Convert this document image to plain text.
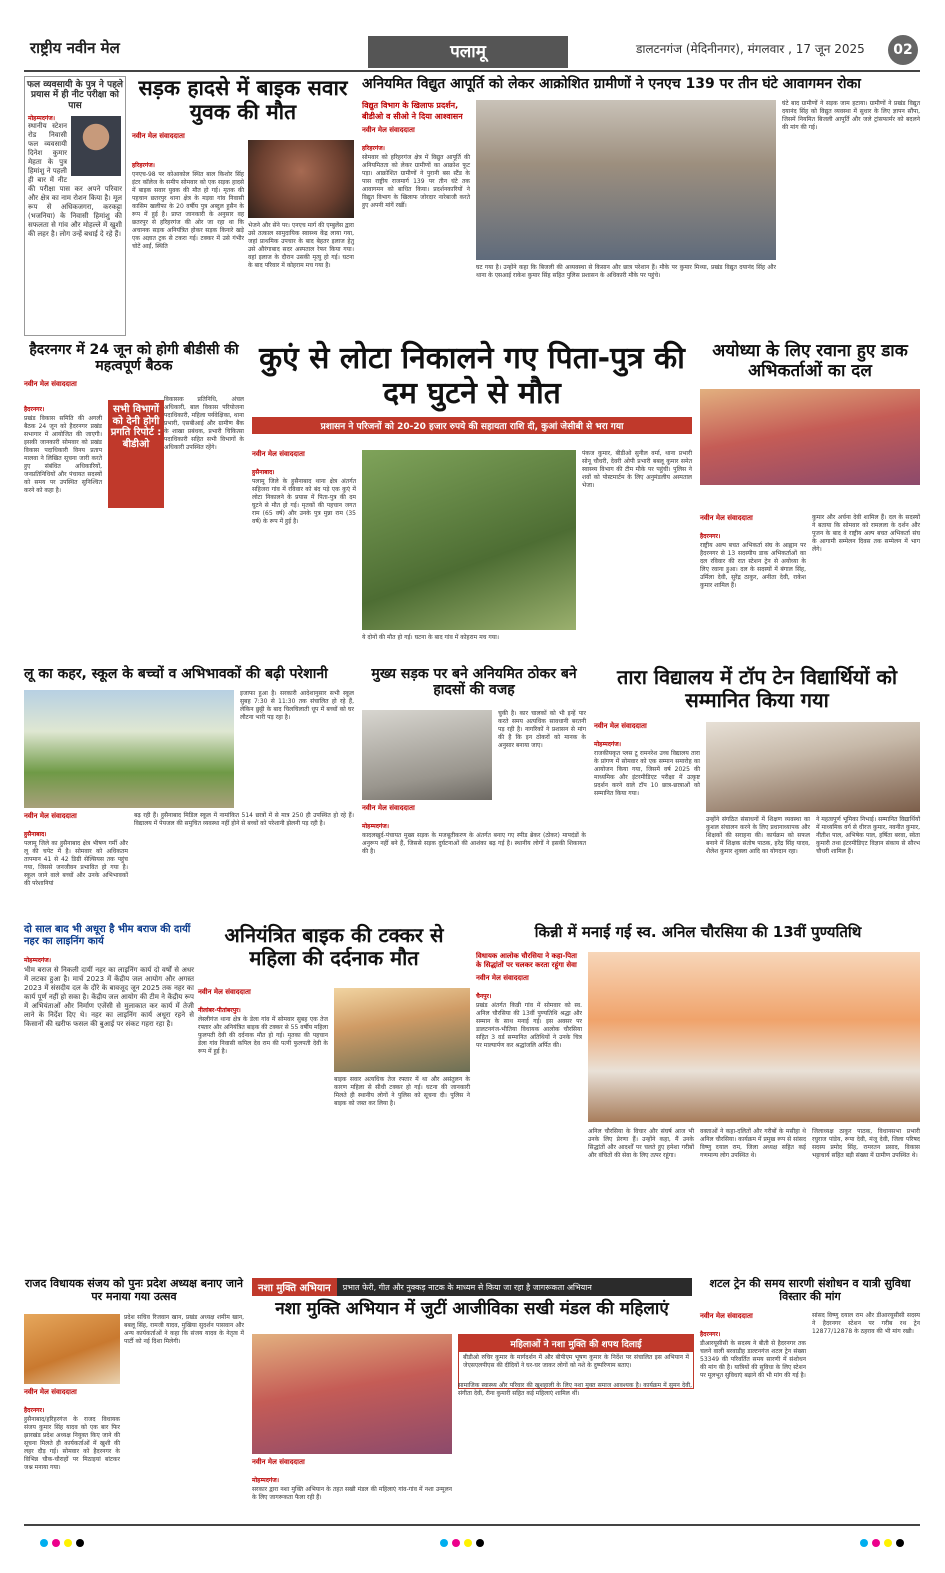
राष्ट्रीय नवीन मेल	पलामू	डालटनगंज (मेदिनीनगर), मंगलवार , 17 जून 2025	02
फल व्यवसायी के पुत्र ने पहले प्रयास में ही नीट परीक्षा को पास
मोहम्मदगंज।
स्थानीय स्टेशन रोड निवासी फल व्यवसायी दिनेश कुमार मेहता के पुत्र हिमांशु ने पहली ही बार में नीट की परीक्षा पास कर अपने परिवार और क्षेत्र का नाम रोशन किया है। मूल रूप से अधिकजगरा, करकट्टा (भजनिया) के निवासी हिमांशु की सफलता से गांव और मोहल्ले में खुशी की लहर है। लोग उन्हें बधाई दे रहे हैं।
सड़क हादसे में बाइक सवार युवक की मौत
नवीन मेल संवाददाता
हरिहरगंज।
एनएच-98 पर कोआकोल स्थित बाल किशोर सिंह इंटर कॉलेज के समीप सोमवार को एक सड़क हादसे में बाइक सवार युवक की मौत हो गई। मृतक की पहचान छतरपुर थाना क्षेत्र के मड़वा गांव निवासी कासिम खलीफा के 20 वर्षीय पुत्र अब्दुल हुसैन के रूप में हुई है। प्राप्त जानकारी के अनुसार वह छतरपुर से हरिहरगंज की ओर जा रहा था कि अचानक सड़क अनियंत्रित होकर सड़क किनारे खड़े एक अज्ञात ट्रक से टकरा गई। टक्कर में उसे गंभीर चोटें आईं, स्थिति
भेजने और सेंने पर। एनएच मार्ग की एम्बुलेंस द्वारा उसे तत्काल सामुदायिक स्वास्थ्य केंद्र लाया गया, जहां प्राथमिक उपचार के बाद बेहतर इलाज हेतु उसे औरंगाबाद सदर अस्पताल रेफर किया गया। वहां इलाज के दौरान उसकी मृत्यु हो गई। घटना के बाद परिवार में कोहराम मच गया है।
अनियमित विद्युत आपूर्ति को लेकर आक्रोशित ग्रामीणों ने एनएच 139 पर तीन घंटे आवागमन रोका
विद्युत विभाग के खिलाफ प्रदर्शन, बीडीओ व सीओ ने दिया आश्वासन
नवीन मेल संवाददाता
हरिहरगंज।
सोमवार को हरिहरगंज क्षेत्र में विद्युत आपूर्ति की अनियमितता को लेकर ग्रामीणों का आक्रोश फूट पड़ा। आक्रोशित ग्रामीणों ने पुरानी बस स्टैंड के पास राष्ट्रीय राजमार्ग 139 पर तीन घंटे तक आवागमन को बाधित किया। प्रदर्शनकारियों ने विद्युत विभाग के खिलाफ जोरदार नारेबाजी करते हुए अपनी मांगें रखीं।
घट गया है। उन्होंने कहा कि बिजली की अव्यवस्था से किसान और छात्र परेशान हैं। मौके पर कुमार मिथ्या, प्रखंड विद्युत दयानंद सिंह और थाना के एसआई राकेश कुमार सिंह सहित पुलिस प्रशासन के अधिकारी मौके पर पहुंचे।
घंटे बाद ग्रामीणों ने सड़क जाम हटाया। ग्रामीणों ने प्रखंड विद्युत दयानंद सिंह को विद्युत व्यवस्था में सुधार के लिए ज्ञापन सौंपा, जिसमें नियमित बिजली आपूर्ति और जले ट्रांसफार्मर को बदलने की मांग की गई।
हैदरनगर में 24 जून को होगी बीडीसी की महत्वपूर्ण बैठक
नवीन मेल संवाददाता
हैदरनगर।
प्रखंड विकास समिति की अगली बैठक 24 जून को हैदरनगर प्रखंड सभागार में आयोजित की जाएगी। इसकी जानकारी सोमवार को प्रखंड विकास पदाधिकारी विनय प्रताप मालवा ने लिखित सूचना जारी करते हुए संबंधित अधिकारियों, जनप्रतिनिधियों और पंचायत सदस्यों को समय पर उपस्थित सुनिश्चित करने को कहा है।
सभी विभागों को देनी होगी प्रगति रिपोर्ट : बीडीओ
विकासक प्रतिनिधि, अंचल अधिकारी, बाल विकास परियोजना पदाधिकारी, महिला पर्यवेक्षिका, थाना प्रभारी, एसबीआई और ग्रामीण बैंक के शाखा प्रबंधक, प्रभारी चिकित्सा पदाधिकारी सहित सभी विभागों के अधिकारी उपस्थित रहेंगे।
कुएं से लोटा निकालने गए पिता-पुत्र की दम घुटने से मौत
प्रशासन ने परिजनों को 20-20 हजार रुपये की सहायता राशि दी, कुआं जेसीबी से भरा गया
नवीन मेल संवाददाता
हुसैनाबाद।
पलामू जिले के हुसैनाबाद थाना क्षेत्र अंतर्गत सहिजरा गांव में रविवार को बंद पड़े एक कुएं में लोटा निकालने के प्रयास में पिता-पुत्र की दम घुटने से मौत हो गई। मृतकों की पहचान जगत राम (65 वर्ष) और उनके पुत्र मुन्ना राम (35 वर्ष) के रूप में हुई है।
ये दोनों की मौत हो गई। घटना के बाद गांव में कोहराम मच गया।
पंकज कुमार, बीडीओ सुनील वर्मा, थाना प्रभारी सोनू चौधरी, देवरी ओपी प्रभारी बबलू कुमार समेत स्वास्थ्य विभाग की टीम मौके पर पहुंची। पुलिस ने शवों को पोस्टमार्टम के लिए अनुमंडलीय अस्पताल भेजा।
अयोध्या के लिए रवाना हुए डाक अभिकर्ताओं का दल
नवीन मेल संवाददाता
हैदरनगर।
राष्ट्रीय अल्प बचत अभिकर्ता संघ के आह्वान पर हैदरनगर से 13 सदस्यीय डाक अभिकर्ताओं का दल रविवार की रात स्टेशन ट्रेन से अयोध्या के लिए रवाना हुआ। दल के सदस्यों में बंगाल सिंह, उर्मिला देवी, सुरेंद्र ठाकुर, अनीता देवी, राकेश कुमार शामिल हैं।
कुमार और अर्चना देवी शामिल हैं। दल के सदस्यों ने बताया कि सोमवार को रामलला के दर्शन और पूजन के बाद वे राष्ट्रीय अल्प बचत अभिकर्ता संघ के आगामी सम्मेलन दिवस तक सम्मेलन में भाग लेंगे।
लू का कहर, स्कूल के बच्चों व अभिभावकों की बढ़ी परेशानी
इजाफा हुआ है। सरकारी आदेशानुसार सभी स्कूल सुबह 7:30 से 11:30 तक संचालित हो रहे हैं, लेकिन छुट्टी के बाद चिलचिलाती धूप में बच्चों को घर लौटना भारी पड़ रहा है।
नवीन मेल संवाददाता
हुसैनाबाद।
पलामू जिले का हुसैनाबाद क्षेत्र भीषण गर्मी और लू की चपेट में है। सोमवार को अधिकतम तापमान 41 से 42 डिग्री सेल्सियस तक पहुंच गया, जिससे जनजीवन प्रभावित हो गया है। स्कूल जाने वाले बच्चों और उनके अभिभावकों की परेशानियां
बढ़ रही हैं। हुसैनाबाद मिडिल स्कूल में नामांकित 514 छात्रों में से मात्र 250 ही उपस्थित हो रहे हैं। विद्यालय में पेयजल की समुचित व्यवस्था नहीं होने से बच्चों को परेशानी झेलनी पड़ रही है।
मुख्य सड़क पर बने अनियमित ठोकर बने हादसों की वजह
चुकी है। कार चालकों को भी इन्हें पार करते समय अत्यधिक सावधानी बरतनी पड़ रही है। नागरिकों ने प्रशासन से मांग की है कि इन ठोकरों को मानक के अनुसार बनाया जाए।
नवीन मेल संवाददाता
मोहम्मदगंज।
कादलखुर्द-पंचायत मुख्य सड़क के मजबूतीकरण के अंतर्गत बनाए गए स्पीड ब्रेकर (ठोकर) मापदंडों के अनुरूप नहीं बने हैं, जिससे सड़क दुर्घटनाओं की आशंका बढ़ गई है। स्थानीय लोगों ने इसकी शिकायत की है।
तारा विद्यालय में टॉप टेन विद्यार्थियों को सम्मानित किया गया
नवीन मेल संवाददाता
मोहम्मदगंज।
राजकीयकृत प्लस टू रामनरेश उच्च विद्यालय तारा के प्रांगण में सोमवार को एक सम्मान समारोह का आयोजन किया गया, जिसमें वर्ष 2025 की माध्यमिक और इंटरमीडिएट परीक्षा में उत्कृष्ट प्रदर्शन करने वाले टॉप 10 छात्र-छात्राओं को सम्मानित किया गया।
उन्होंने संगठित संसाधनों में शिक्षण व्यवस्था का कुशल संचालन करने के लिए प्रधानाध्यापक और शिक्षकों की सराहना की। कार्यक्रम को सफल बनाने में शिक्षक संतोष पाठक, हरेंद्र सिंह यादव, शैलेश कुमार शुक्ला आदि का योगदान रहा।
ने महत्वपूर्ण भूमिका निभाई। सम्मानित विद्यार्थियों में माध्यमिक वर्ग से धीरज कुमार, नवनीत कुमार, नीतीश पाल, अभिषेक पाल, हर्षिता बरवा, स्वेता कुमारी तथा इंटरमीडिएट विज्ञान संकाय से सौरभ चौधरी शामिल हैं।
दो साल बाद भी अधूरा है भीम बराज की दायीं नहर का लाइनिंग कार्य
मोहम्मदगंज।
भीम बराज से निकली दायीं नहर का लाइनिंग कार्य दो वर्षों से अधर में लटका हुआ है। मार्च 2023 में केंद्रीय जल आयोग और अगस्त 2023 में संसदीय दल के दौरे के बावजूद जून 2025 तक नहर का कार्य पूर्ण नहीं हो सका है। केंद्रीय जल आयोग की टीम ने केंद्रीय रूप में अभियंताओं और निर्माण एजेंसी से मुलाकात कर कार्य में तेजी लाने के निर्देश दिए थे। नहर का लाइनिंग कार्य अधूरा रहने से किसानों की खरीफ फसल की बुआई पर संकट गहरा रहा है।
अनियंत्रित बाइक की टक्कर से महिला की दर्दनाक मौत
नवीन मेल संवाददाता
नीलांबर-पीतांबरपुर।
लेस्लीगंज थाना क्षेत्र के डेला गांव में सोमवार सुबह एक तेज रफ्तार और अनियंत्रित बाइक की टक्कर से 55 वर्षीय महिला फुलपती देवी की दर्दनाक मौत हो गई। मृतका की पहचान डेला गांव निवासी कपिल देव राम की पत्नी फुलपती देवी के रूप में हुई है।
बाइक सवार अत्यधिक तेज रफ्तार में था और असंतुलन के कारण महिला से सीधी टक्कर हो गई। घटना की जानकारी मिलते ही स्थानीय लोगों ने पुलिस को सूचना दी। पुलिस ने बाइक को जब्त कर लिया है।
किन्नी में मनाई गई स्व. अनिल चौरसिया की 13वीं पुण्यतिथि
विधायक आलोक चौरसिया ने कहा-पिता के सिद्धांतों पर चलकर करता रहूंगा सेवा
नवीन मेल संवाददाता
चैनपुर।
प्रखंड अंतर्गत किन्नी गांव में सोमवार को स्व. अनिल चौरसिया की 13वीं पुण्यतिथि श्रद्धा और सम्मान के साथ मनाई गई। इस अवसर पर डालटनगंज-भीतिया विधायक आलोक चौरसिया सहित 3 वर्ड सम्मानित अतिथियों ने उनके चित्र पर माल्यार्पण कर श्रद्धांजलि अर्पित की।
अनिल चौरसिया के विचार और संघर्ष आज भी उनके लिए प्रेरणा हैं। उन्होंने कहा, मैं उनके सिद्धांतों और आदर्शों पर चलते हुए हमेशा गरीबों और वंचितों की सेवा के लिए तत्पर रहूंगा।
वक्ताओं ने कहा-दलितों और गरीबों के मसीहा थे अनिल चौरसिया। कार्यक्रम में प्रमुख रूप से सांसद विष्णु दयाल राम, जिला अध्यक्ष सहित कई गणमान्य लोग उपस्थित थे।
जिलाध्यक्ष ठाकुर पाठक, विधानसभा प्रभारी रघुराज पांडेय, रूपा देवी, मंजू देवी, जिला परिषद सदस्य प्रमोद सिंह, रामरतन प्रसाद, विकास भट्टाचार्य सहित बड़ी संख्या में ग्रामीण उपस्थित थे।
राजद विधायक संजय को पुनः प्रदेश अध्यक्ष बनाए जाने पर मनाया गया उत्सव
प्रदेश सचिव रिजवान खान, प्रखंड अध्यक्ष शमीम खान, बबलू सिंह, रामजी यादव, मुखिया सुदर्शन पासवान और अन्य कार्यकर्ताओं ने कहा कि संजय यादव के नेतृत्व में पार्टी को नई दिशा मिलेगी।
नवीन मेल संवाददाता
हैदरनगर।
हुसैनाबाद/हरिहरगंज के राजद विधायक संजय कुमार सिंह यादव को एक बार फिर झारखंड प्रदेश अध्यक्ष नियुक्त किए जाने की सूचना मिलते ही कार्यकर्ताओं में खुशी की लहर दौड़ गई। सोमवार को हैदरनगर के विभिन्न चौक-चौराहों पर मिठाइयां बांटकर जश्न मनाया गया।
नशा मुक्ति अभियान	प्रभात फेरी, गीत और नुक्कड़ नाटक के माध्यम से किया जा रहा है जागरूकता अभियान
नशा मुक्ति अभियान में जुटीं आजीविका सखी मंडल की महिलाएं
महिलाओं ने नशा मुक्ति की शपथ दिलाई
बीडीओ रुचिर कुमार के मार्गदर्शन में और बीपीएम भूषण कुमार के निर्देश पर संचालित इस अभियान में जेएसएलपीएस की दीदियों ने घर-घर जाकर लोगों को नशे के दुष्परिणाम बताए।
सामाजिक स्वास्थ्य और परिवार की खुशहाली के लिए नशा मुक्त समाज आवश्यक है। कार्यक्रम में सुमन देवी, संगीता देवी, रीना कुमारी सहित कई महिलाएं शामिल थीं।
नवीन मेल संवाददाता
मोहम्मदगंज।
सरकार द्वारा नशा मुक्ति अभियान के तहत सखी मंडल की महिलाएं गांव-गांव में नशा उन्मूलन के लिए जागरूकता फैला रही हैं।
शटल ट्रेन की समय सारणी संशोधन व यात्री सुविधा विस्तार की मांग
नवीन मेल संवाददाता
हैदरनगर।
डीआरयूसीसी के सदस्य ने बीती से हैदरनगर तक चलने वाली बरवाडीह डाल्टनगंज शटल ट्रेन संख्या 53349 की परिवर्तित समय सारणी में संशोधन की मांग की है। यात्रियों की सुविधा के लिए स्टेशन पर मूलभूत सुविधाएं बढ़ाने की भी मांग की गई है।
सांसद विष्णु दयाल राम और डीआरयूसीसी सदस्य ने हैदरनगर स्टेशन पर गरीब रथ ट्रेन 12877/12878 के ठहराव की भी मांग रखी।
